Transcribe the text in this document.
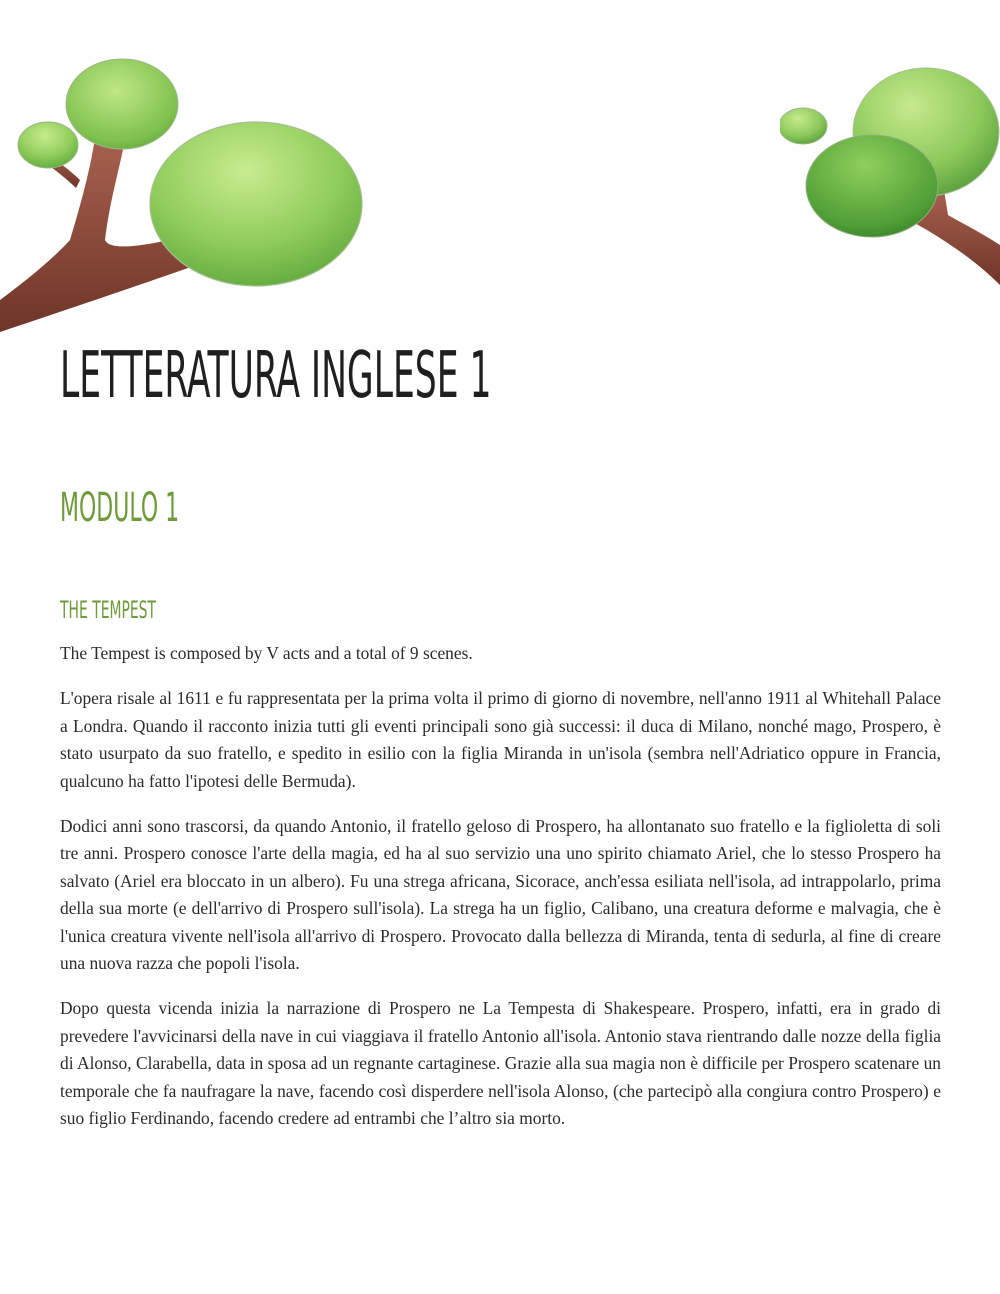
LETTERATURA INGLESE 1
MODULO 1
THE TEMPEST

The Tempest is composed by V acts and a total of 9 scenes.

L'opera risale al 1611 e fu rappresentata per la prima volta il primo di giorno di novembre, nell'anno 1911 al Whitehall Palace a Londra. Quando il racconto inizia tutti gli eventi principali sono già successi: il duca di Milano, nonché mago, Prospero, è stato usurpato da suo fratello, e spedito in esilio con la figlia Miranda in un'isola (sembra nell'Adriatico oppure in Francia, qualcuno ha fatto l'ipotesi delle Bermuda).

Dodici anni sono trascorsi, da quando Antonio, il fratello geloso di Prospero, ha allontanato suo fratello e la figlioletta di soli tre anni. Prospero conosce l'arte della magia, ed ha al suo servizio una uno spirito chiamato Ariel, che lo stesso Prospero ha salvato (Ariel era bloccato in un albero). Fu una strega africana, Sicorace, anch'essa esiliata nell'isola, ad intrappolarlo, prima della sua morte (e dell'arrivo di Prospero sull'isola). La strega ha un figlio, Calibano, una creatura deforme e malvagia, che è l'unica creatura vivente nell'isola all'arrivo di Prospero. Provocato dalla bellezza di Miranda, tenta di sedurla, al fine di creare una nuova razza che popoli l'isola.

Dopo questa vicenda inizia la narrazione di Prospero ne La Tempesta di Shakespeare. Prospero, infatti, era in grado di prevedere l'avvicinarsi della nave in cui viaggiava il fratello Antonio all'isola. Antonio stava rientrando dalle nozze della figlia di Alonso, Clarabella, data in sposa ad un regnante cartaginese. Grazie alla sua magia non è difficile per Prospero scatenare un temporale che fa naufragare la nave, facendo così disperdere nell'isola Alonso, (che partecipò alla congiura contro Prospero) e suo figlio Ferdinando, facendo credere ad entrambi che l’altro sia morto.
